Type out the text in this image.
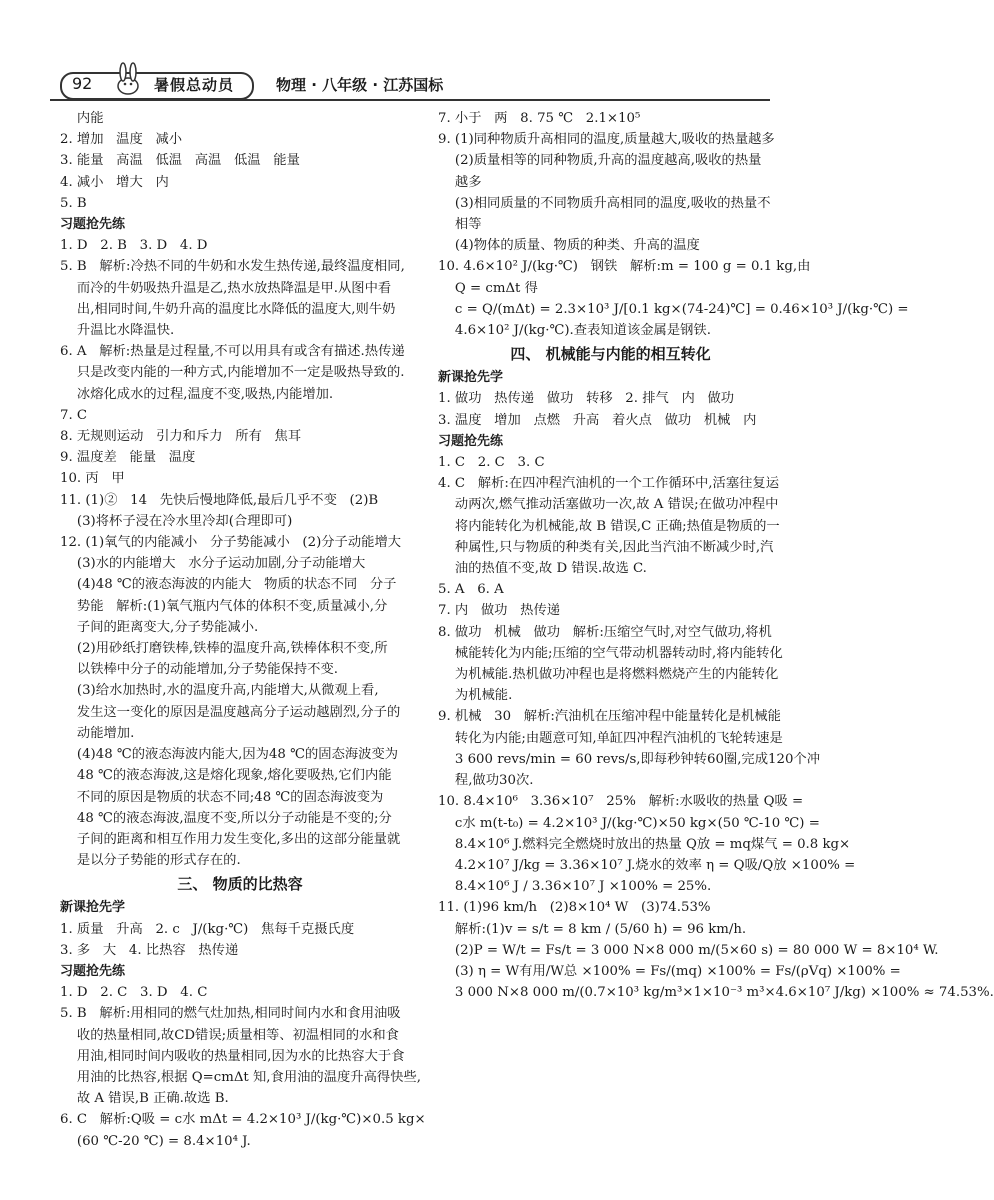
92	暑假总动员	物理 · 八年级 · 江苏国标
内能
2. 增加   温度   减小
3. 能量   高温   低温   高温   低温   能量
4. 减小   增大   内
5. B
习题抢先练
1. D   2. B   3. D   4. D
5. B   解析:冷热不同的牛奶和水发生热传递,最终温度相同,
而冷的牛奶吸热升温是乙,热水放热降温是甲.从图中看
出,相同时间,牛奶升高的温度比水降低的温度大,则牛奶
升温比水降温快.
6. A   解析:热量是过程量,不可以用具有或含有描述.热传递
只是改变内能的一种方式,内能增加不一定是吸热导致的.
冰熔化成水的过程,温度不变,吸热,内能增加.
7. C
8. 无规则运动   引力和斥力   所有   焦耳
9. 温度差   能量   温度
10. 丙   甲
11. (1)②   14   先快后慢地降低,最后几乎不变   (2)B
(3)将杯子浸在冷水里冷却(合理即可)
12. (1)氧气的内能减小   分子势能减小   (2)分子动能增大
(3)水的内能增大   水分子运动加剧,分子动能增大
(4)48 ℃的液态海波的内能大   物质的状态不同   分子
势能   解析:(1)氧气瓶内气体的体积不变,质量减小,分
子间的距离变大,分子势能减小.
(2)用砂纸打磨铁棒,铁棒的温度升高,铁棒体积不变,所
以铁棒中分子的动能增加,分子势能保持不变.
(3)给水加热时,水的温度升高,内能增大,从微观上看,
发生这一变化的原因是温度越高分子运动越剧烈,分子的
动能增加.
(4)48 ℃的液态海波内能大,因为48 ℃的固态海波变为
48 ℃的液态海波,这是熔化现象,熔化要吸热,它们内能
不同的原因是物质的状态不同;48 ℃的固态海波变为
48 ℃的液态海波,温度不变,所以分子动能是不变的;分
子间的距离和相互作用力发生变化,多出的这部分能量就
是以分子势能的形式存在的.
三、 物质的比热容
新课抢先学
1. 质量   升高   2. c   J/(kg·℃)   焦每千克摄氏度
3. 多   大   4. 比热容   热传递
习题抢先练
1. D   2. C   3. D   4. C
5. B   解析:用相同的燃气灶加热,相同时间内水和食用油吸
收的热量相同,故CD错误;质量相等、初温相同的水和食
用油,相同时间内吸收的热量相同,因为水的比热容大于食
用油的比热容,根据 Q=cmΔt 知,食用油的温度升高得快些,
故 A 错误,B 正确.故选 B.
6. C   解析:Q吸 = c水 mΔt = 4.2×10³ J/(kg·℃)×0.5 kg×
(60 ℃-20 ℃) = 8.4×10⁴ J.
7. 小于   两   8. 75 ℃   2.1×10⁵
9. (1)同种物质升高相同的温度,质量越大,吸收的热量越多
(2)质量相等的同种物质,升高的温度越高,吸收的热量
越多
(3)相同质量的不同物质升高相同的温度,吸收的热量不
相等
(4)物体的质量、物质的种类、升高的温度
10. 4.6×10² J/(kg·℃)   钢铁   解析:m = 100 g = 0.1 kg,由
Q = cmΔt 得
c = Q/(mΔt) = 2.3×10³ J/[0.1 kg×(74-24)℃] = 0.46×10³ J/(kg·℃) =
4.6×10² J/(kg·℃).查表知道该金属是钢铁.
四、 机械能与内能的相互转化
新课抢先学
1. 做功   热传递   做功   转移   2. 排气   内   做功
3. 温度   增加   点燃   升高   着火点   做功   机械   内
习题抢先练
1. C   2. C   3. C
4. C   解析:在四冲程汽油机的一个工作循环中,活塞往复运
动两次,燃气推动活塞做功一次,故 A 错误;在做功冲程中
将内能转化为机械能,故 B 错误,C 正确;热值是物质的一
种属性,只与物质的种类有关,因此当汽油不断减少时,汽
油的热值不变,故 D 错误.故选 C.
5. A   6. A
7. 内   做功   热传递
8. 做功   机械   做功   解析:压缩空气时,对空气做功,将机
械能转化为内能;压缩的空气带动机器转动时,将内能转化
为机械能.热机做功冲程也是将燃料燃烧产生的内能转化
为机械能.
9. 机械   30   解析:汽油机在压缩冲程中能量转化是机械能
转化为内能;由题意可知,单缸四冲程汽油机的飞轮转速是
3 600 revs/min = 60 revs/s,即每秒钟转60圈,完成120个冲
程,做功30次.
10. 8.4×10⁶   3.36×10⁷   25%   解析:水吸收的热量 Q吸 =
c水 m(t-t₀) = 4.2×10³ J/(kg·℃)×50 kg×(50 ℃-10 ℃) =
8.4×10⁶ J.燃料完全燃烧时放出的热量 Q放 = mq煤气 = 0.8 kg×
4.2×10⁷ J/kg = 3.36×10⁷ J.烧水的效率 η = Q吸/Q放 ×100% =
8.4×10⁶ J / 3.36×10⁷ J ×100% = 25%.
11. (1)96 km/h   (2)8×10⁴ W   (3)74.53%
解析:(1)v = s/t = 8 km / (5/60 h) = 96 km/h.
(2)P = W/t = Fs/t = 3 000 N×8 000 m/(5×60 s) = 80 000 W = 8×10⁴ W.
(3) η = W有用/W总 ×100% = Fs/(mq) ×100% = Fs/(ρVq) ×100% =
3 000 N×8 000 m/(0.7×10³ kg/m³×1×10⁻³ m³×4.6×10⁷ J/kg) ×100% ≈ 74.53%.
